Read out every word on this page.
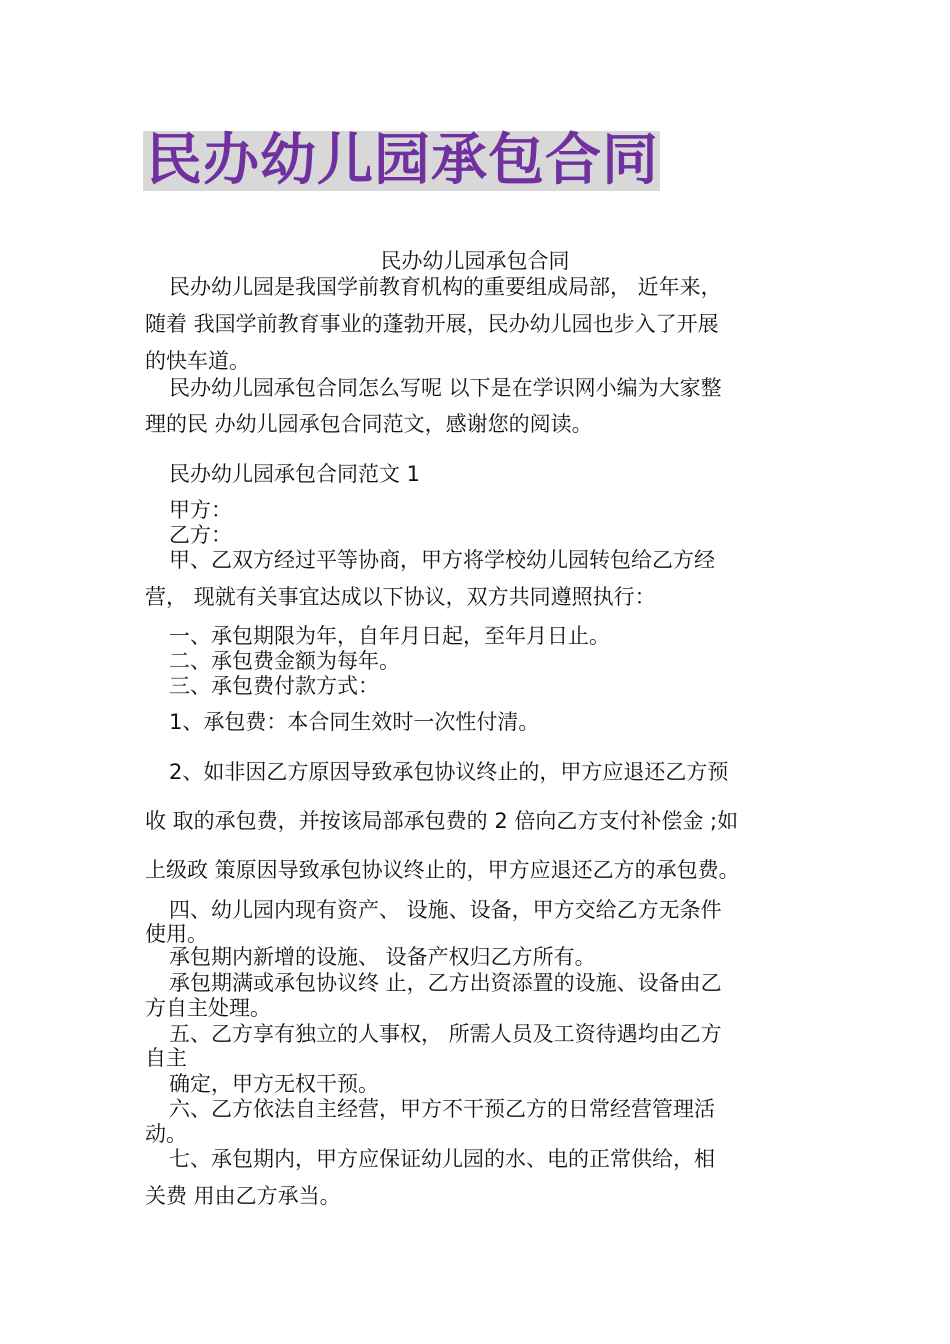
民办幼儿园承包合同
民办幼儿园承包合同
民办幼儿园是我国学前教育机构的重要组成局部， 近年来，
随着 我国学前教育事业的蓬勃开展，民办幼儿园也步入了开展
的快车道。
民办幼儿园承包合同怎么写呢 以下是在学识网小编为大家整
理的民 办幼儿园承包合同范文，感谢您的阅读。
民办幼儿园承包合同范文 1
甲方：
乙方：
甲、乙双方经过平等协商，甲方将学校幼儿园转包给乙方经
营， 现就有关事宜达成以下协议，双方共同遵照执行：
一、承包期限为年，自年月日起，至年月日止。
二、承包费金额为每年。
三、承包费付款方式：
1、承包费：本合同生效时一次性付清。
2、如非因乙方原因导致承包协议终止的，甲方应退还乙方预
收 取的承包费，并按该局部承包费的 2 倍向乙方支付补偿金 ;如
上级政 策原因导致承包协议终止的，甲方应退还乙方的承包费。
四、幼儿园内现有资产、 设施、设备，甲方交给乙方无条件
使用。
承包期内新增的设施、 设备产权归乙方所有。
承包期满或承包协议终 止，乙方出资添置的设施、设备由乙
方自主处理。
五、乙方享有独立的人事权， 所需人员及工资待遇均由乙方
自主
确定，甲方无权干预。
六、乙方依法自主经营，甲方不干预乙方的日常经营管理活
动。
七、承包期内，甲方应保证幼儿园的水、电的正常供给，相
关费 用由乙方承当。
